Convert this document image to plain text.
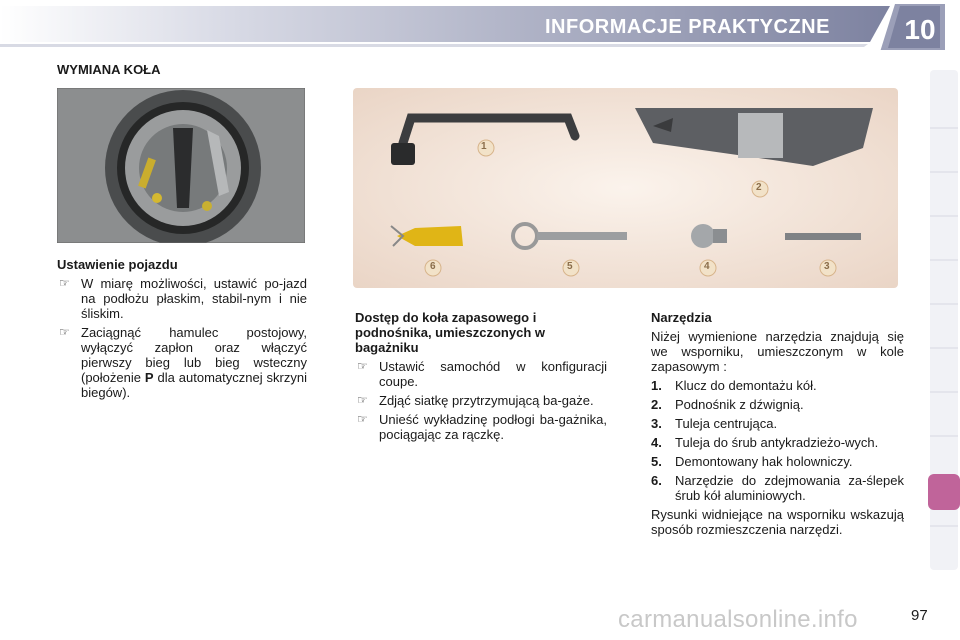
INFORMACJE PRAKTYCZNE	10
WYMIANA KOŁA
1
2
3
4
5
6
Ustawienie pojazdu
☞ W miarę możliwości, ustawić po-jazd na podłożu płaskim, stabil-nym i nie śliskim.
☞ Zaciągnąć hamulec postojowy, wyłączyć zapłon oraz włączyć pierwszy bieg lub bieg wsteczny (położenie P dla automatycznej skrzyni biegów).
Dostęp do koła zapasowego i podnośnika, umieszczonych w bagażniku
☞ Ustawić samochód w konfiguracji coupe.
☞ Zdjąć siatkę przytrzymującą ba-gaże.
☞ Unieść wykładzinę podłogi ba-gażnika, pociągając za rączkę.
Narzędzia
Niżej wymienione narzędzia znajdują się we wsporniku, umieszczonym w kole zapasowym :
1. Klucz do demontażu kół.
2. Podnośnik z dźwignią.
3. Tuleja centrująca.
4. Tuleja do śrub antykradzieżo-wych.
5. Demontowany hak holowniczy.
6. Narzędzie do zdejmowania za-ślepek śrub kół aluminiowych.
Rysunki widniejące na wsporniku wskazują sposób rozmieszczenia narzędzi.
carmanualsonline.info	97
